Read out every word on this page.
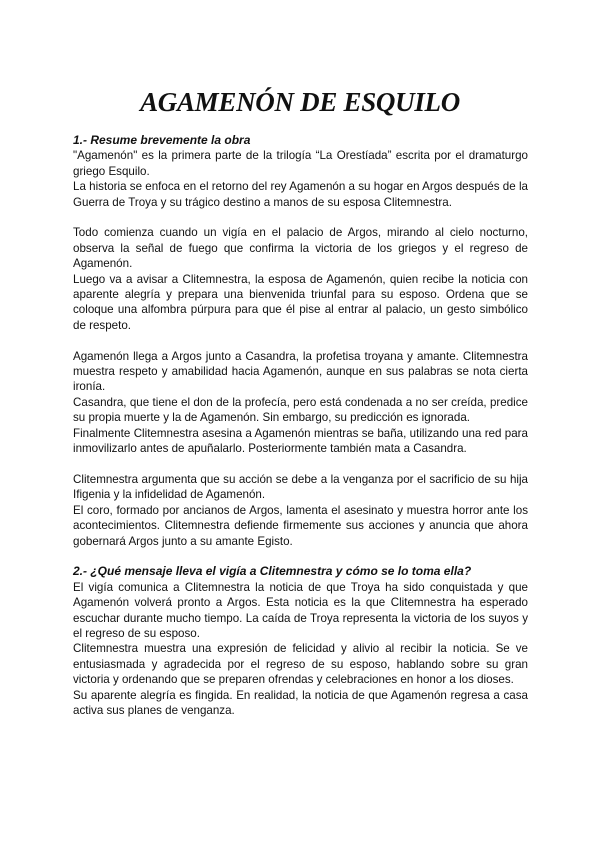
AGAMENÓN DE ESQUILO

1.- Resume brevemente la obra

"Agamenón" es la primera parte de la trilogía “La Orestíada” escrita por el dramaturgo griego Esquilo.

La historia se enfoca en el retorno del rey Agamenón a su hogar en Argos después de la Guerra de Troya y su trágico destino a manos de su esposa Clitemnestra.

Todo comienza cuando un vigía en el palacio de Argos, mirando al cielo nocturno, observa la señal de fuego que confirma la victoria de los griegos y el regreso de Agamenón.

Luego va a avisar a Clitemnestra, la esposa de Agamenón, quien recibe la noticia con aparente alegría y prepara una bienvenida triunfal para su esposo. Ordena que se coloque una alfombra púrpura para que él pise al entrar al palacio, un gesto simbólico de respeto.

Agamenón llega a Argos junto a Casandra, la profetisa troyana y amante. Clitemnestra muestra respeto y amabilidad hacia Agamenón, aunque en sus palabras se nota cierta ironía.

Casandra, que tiene el don de la profecía, pero está condenada a no ser creída, predice su propia muerte y la de Agamenón. Sin embargo, su predicción es ignorada.

Finalmente Clitemnestra asesina a Agamenón mientras se baña, utilizando una red para inmovilizarlo antes de apuñalarlo. Posteriormente también mata a Casandra.

Clitemnestra argumenta que su acción se debe a la venganza por el sacrificio de su hija Ifigenia y la infidelidad de Agamenón.

El coro, formado por ancianos de Argos, lamenta el asesinato y muestra horror ante los acontecimientos. Clitemnestra defiende firmemente sus acciones y anuncia que ahora gobernará Argos junto a su amante Egisto.

2.- ¿Qué mensaje lleva el vigía a Clitemnestra y cómo se lo toma ella?

El vigía comunica a Clitemnestra la noticia de que Troya ha sido conquistada y que Agamenón volverá pronto a Argos. Esta noticia es la que Clitemnestra ha esperado escuchar durante mucho tiempo. La caída de Troya representa la victoria de los suyos y el regreso de su esposo.

Clitemnestra muestra una expresión de felicidad y alivio al recibir la noticia. Se ve entusiasmada y agradecida por el regreso de su esposo, hablando sobre su gran victoria y ordenando que se preparen ofrendas y celebraciones en honor a los dioses.

Su aparente alegría es fingida. En realidad, la noticia de que Agamenón regresa a casa activa sus planes de venganza.
